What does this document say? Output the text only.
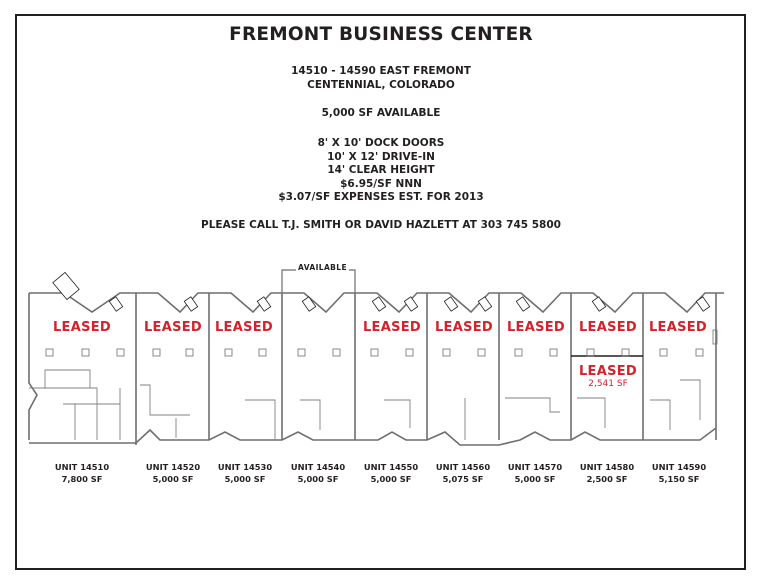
FREMONT BUSINESS CENTER
14510 - 14590 EAST FREMONT
CENTENNIAL, COLORADO
5,000 SF AVAILABLE
8' X 10' DOCK DOORS
10' X 12' DRIVE-IN
14' CLEAR HEIGHT
$6.95/SF NNN
$3.07/SF EXPENSES EST. FOR 2013
PLEASE CALL T.J. SMITH OR DAVID HAZLETT AT 303 745 5800
AVAILABLE
LEASED	LEASED LEASED	LEASED	LEASED	LEASED	LEASED LEASED
LEASED
2,541 SF
UNIT 14510
7,800 SF
UNIT 14520
5,000 SF
UNIT 14530
5,000 SF
UNIT 14540
5,000 SF
UNIT 14550
5,000 SF
UNIT 14560
5,075 SF
UNIT 14570
5,000 SF
UNIT 14580
2,500 SF
UNIT 14590
5,150 SF
